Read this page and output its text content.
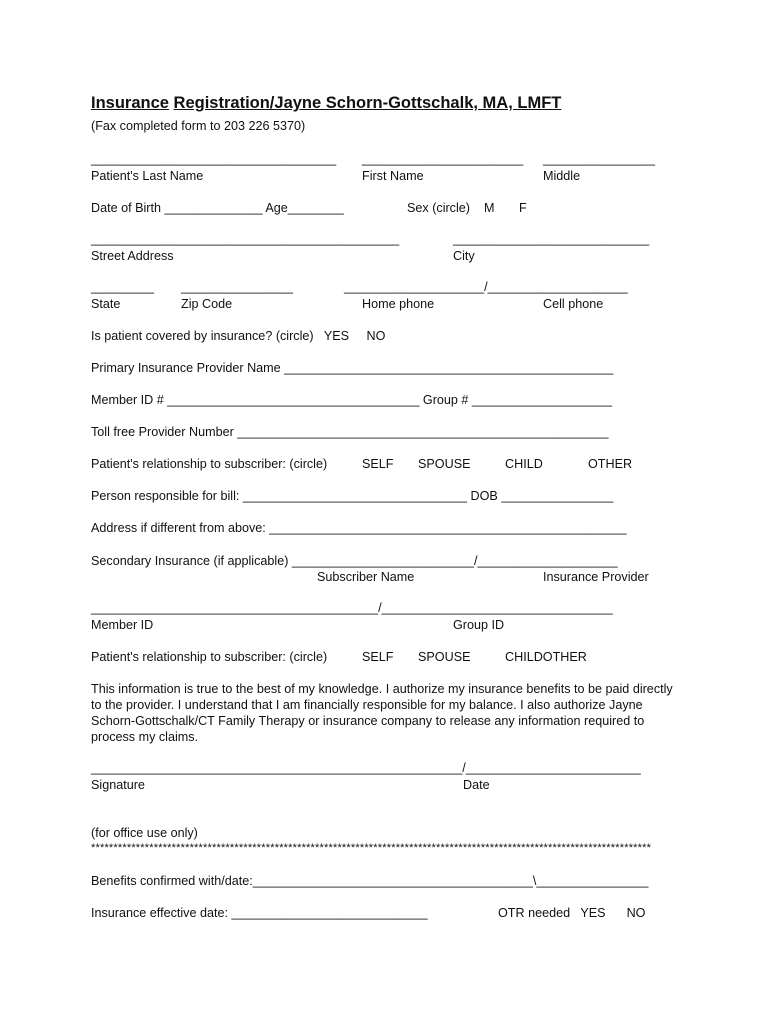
Insurance Registration/Jayne Schorn-Gottschalk, MA, LMFT
(Fax completed form to 203 226 5370)
___________________________________ _______________________ ________________
Patient's Last Name	First Name	Middle
Date of Birth ______________ Age________	Sex (circle)    M       F
____________________________________________	____________________________
Street Address	City
_________ ________________	____________________/____________________
State	Zip Code	Home phone	Cell phone
Is patient covered by insurance? (circle)   YES     NO
Primary Insurance Provider Name _______________________________________________
Member ID # ____________________________________ Group # ____________________
Toll free Provider Number _____________________________________________________
Patient's relationship to subscriber: (circle)	SELF SPOUSE	CHILD	OTHER
Person responsible for bill: ________________________________ DOB ________________
Address if different from above: ___________________________________________________
Secondary Insurance (if applicable) __________________________/____________________
Subscriber Name	Insurance Provider
_________________________________________/_________________________________
Member ID	Group ID
Patient's relationship to subscriber: (circle)	SELF SPOUSE	CHILDOTHER
This information is true to the best of my knowledge. I authorize my insurance benefits to be paid directly
to the provider. I understand that I am financially responsible for my balance. I also authorize Jayne
Schorn-Gottschalk/CT Family Therapy or insurance company to release any information required to
process my claims.
_____________________________________________________/_________________________
Signature	Date
(for office use only)
*****************************************************************************************************************************
Benefits confirmed with/date:________________________________________\________________
Insurance effective date: ____________________________	OTR needed   YES      NO
